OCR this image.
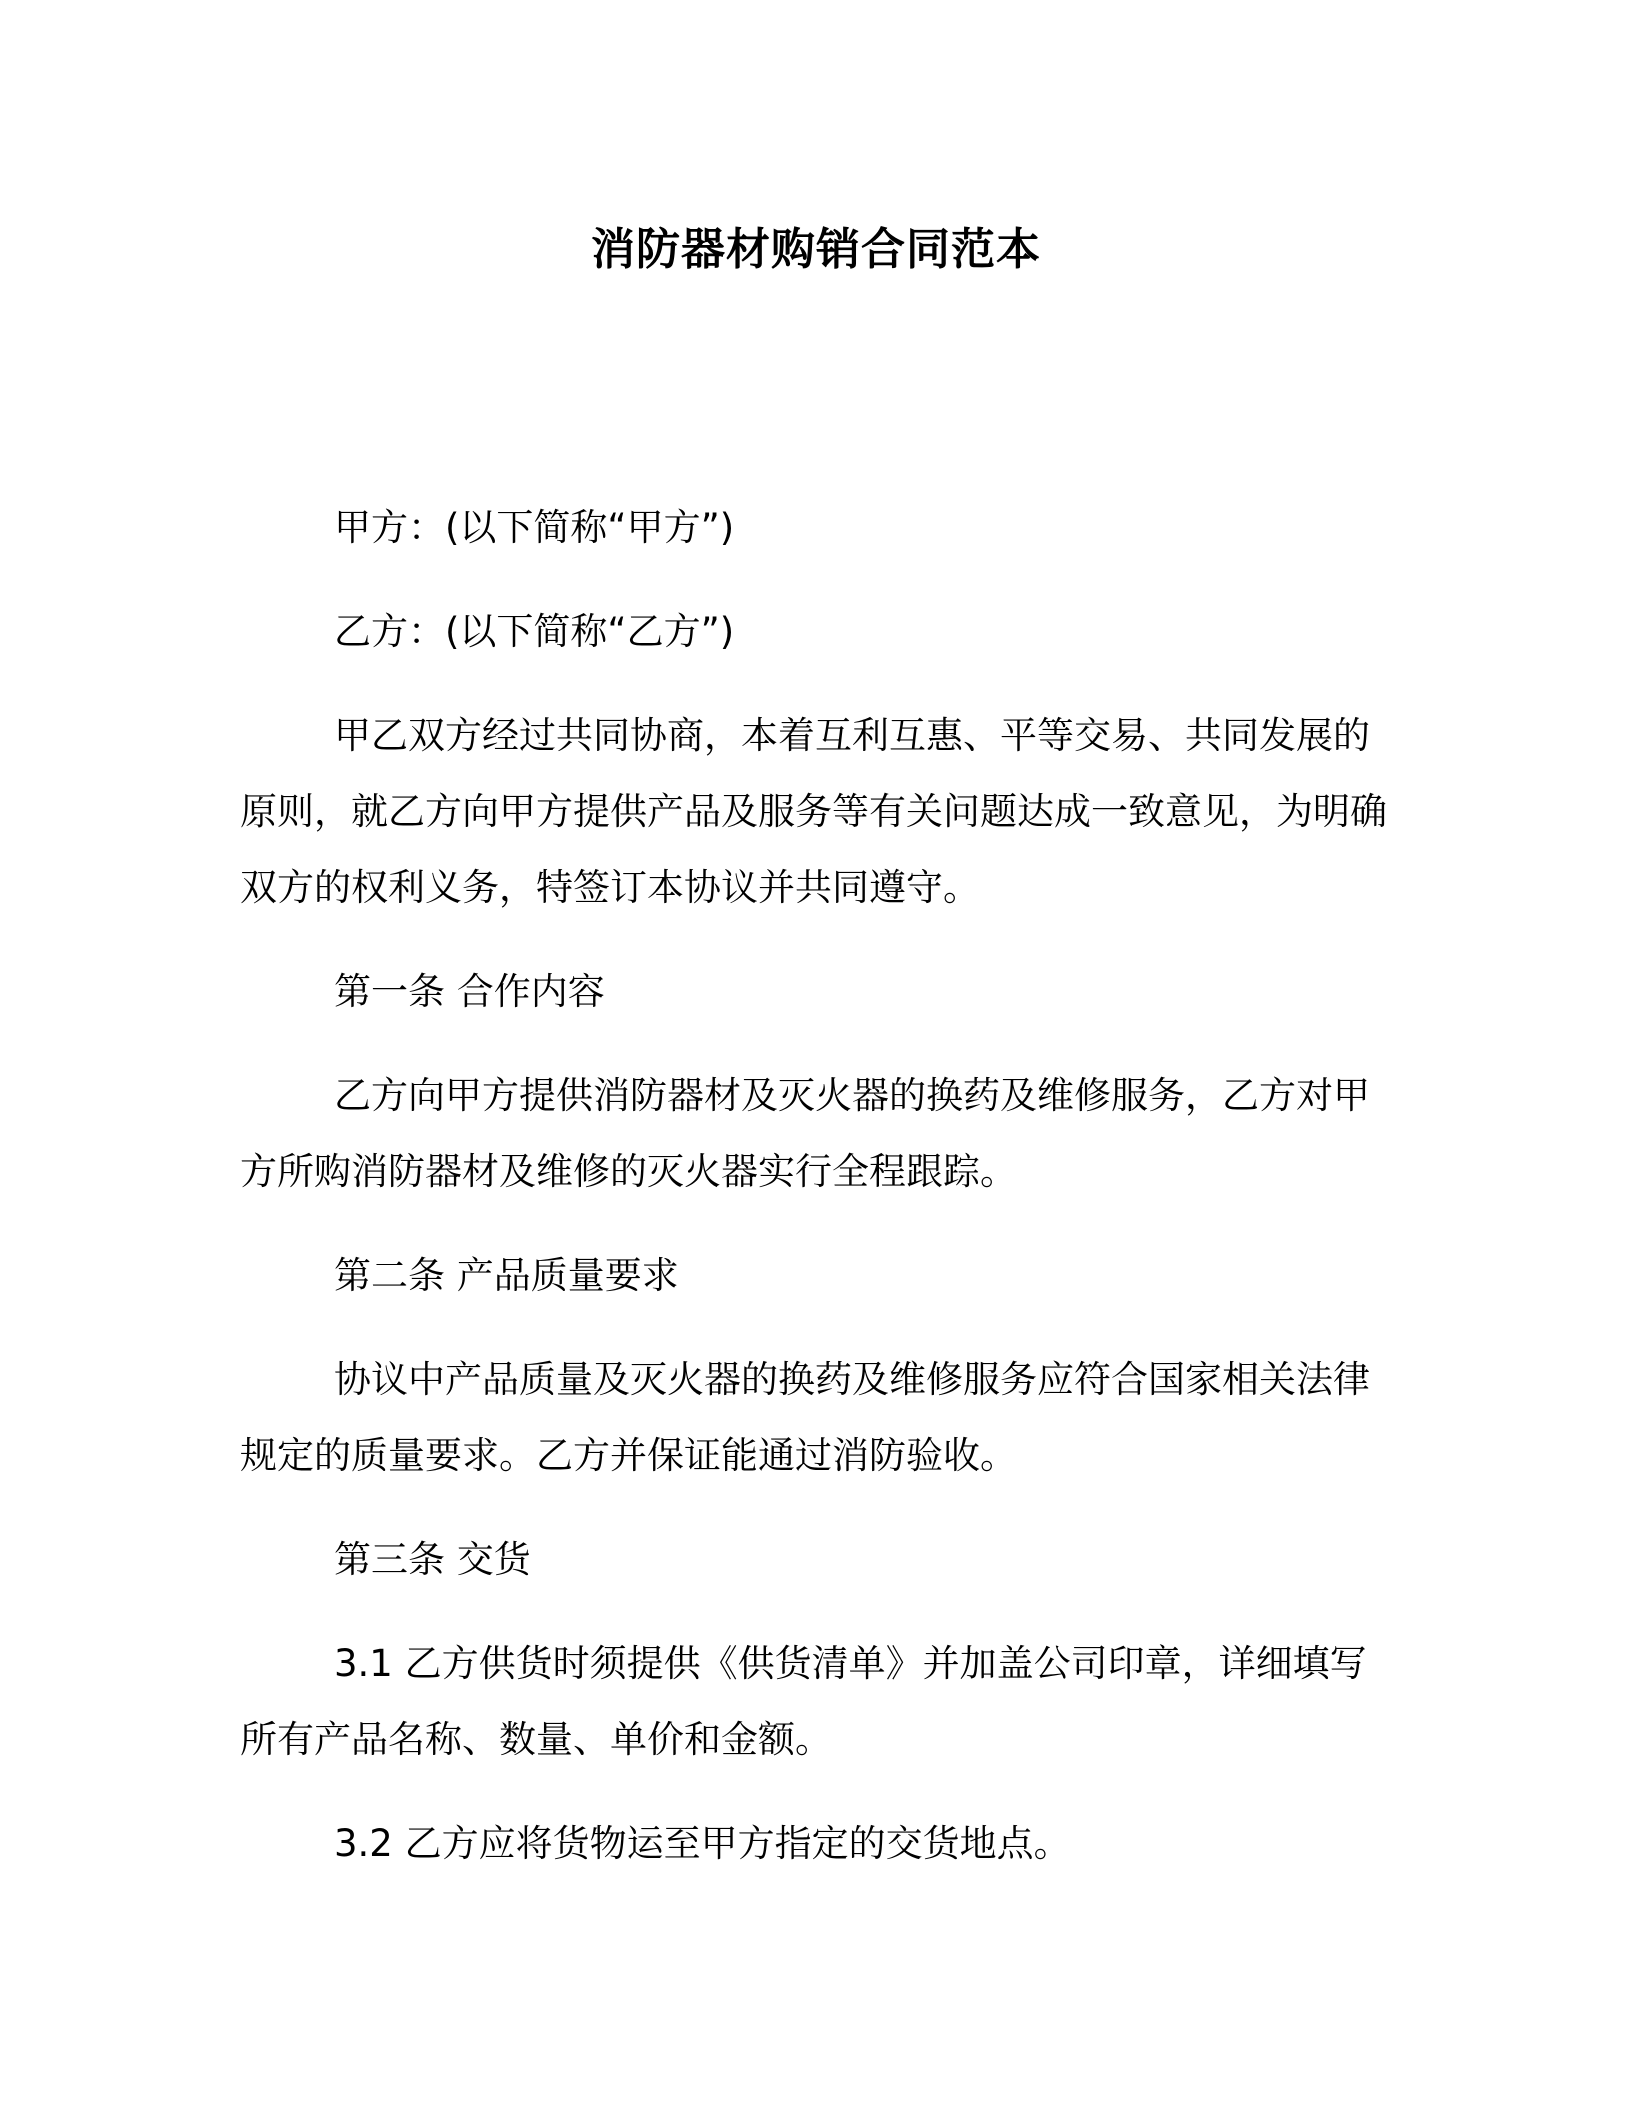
消防器材购销合同范本

甲方：(以下简称“甲方”)

乙方：(以下简称“乙方”)

甲乙双方经过共同协商，本着互利互惠、平等交易、共同发展的原则，就乙方向甲方提供产品及服务等有关问题达成一致意见，为明确双方的权利义务，特签订本协议并共同遵守。

第一条 合作内容

乙方向甲方提供消防器材及灭火器的换药及维修服务，乙方对甲方所购消防器材及维修的灭火器实行全程跟踪。

第二条 产品质量要求

协议中产品质量及灭火器的换药及维修服务应符合国家相关法律规定的质量要求。乙方并保证能通过消防验收。

第三条 交货

3.1 乙方供货时须提供《供货清单》并加盖公司印章，详细填写所有产品名称、数量、单价和金额。

3.2 乙方应将货物运至甲方指定的交货地点。
